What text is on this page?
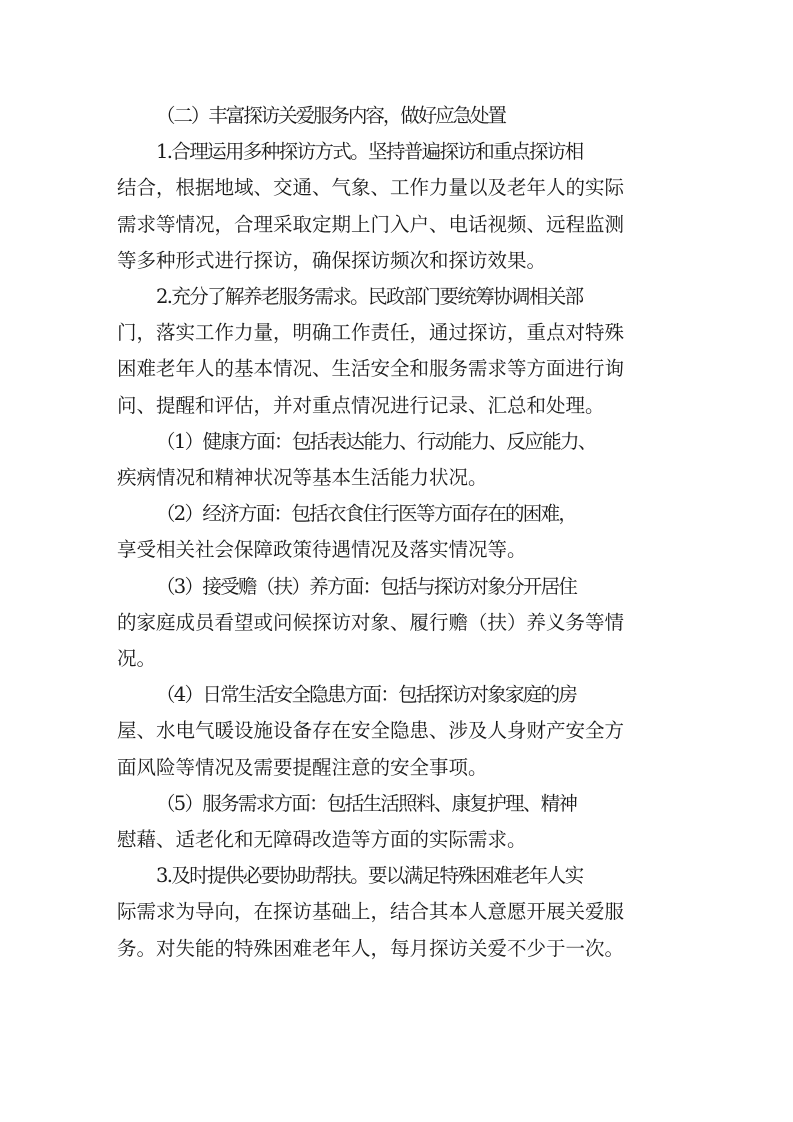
（二）丰富探访关爱服务内容，做好应急处置
1.合理运用多种探访方式。坚持普遍探访和重点探访相
结合，根据地域、交通、气象、工作力量以及老年人的实际
需求等情况，合理采取定期上门入户、电话视频、远程监测
等多种形式进行探访，确保探访频次和探访效果。
2.充分了解养老服务需求。民政部门要统筹协调相关部
门，落实工作力量，明确工作责任，通过探访，重点对特殊
困难老年人的基本情况、生活安全和服务需求等方面进行询
问、提醒和评估，并对重点情况进行记录、汇总和处理。
（1）健康方面：包括表达能力、行动能力、反应能力、
疾病情况和精神状况等基本生活能力状况。
（2）经济方面：包括衣食住行医等方面存在的困难，
享受相关社会保障政策待遇情况及落实情况等。
（3）接受赡（扶）养方面：包括与探访对象分开居住
的家庭成员看望或问候探访对象、履行赡（扶）养义务等情
况。
（4）日常生活安全隐患方面：包括探访对象家庭的房
屋、水电气暖设施设备存在安全隐患、涉及人身财产安全方
面风险等情况及需要提醒注意的安全事项。
（5）服务需求方面：包括生活照料、康复护理、精神
慰藉、适老化和无障碍改造等方面的实际需求。
3.及时提供必要协助帮扶。要以满足特殊困难老年人实
际需求为导向，在探访基础上，结合其本人意愿开展关爱服
务。对失能的特殊困难老年人，每月探访关爱不少于一次。
